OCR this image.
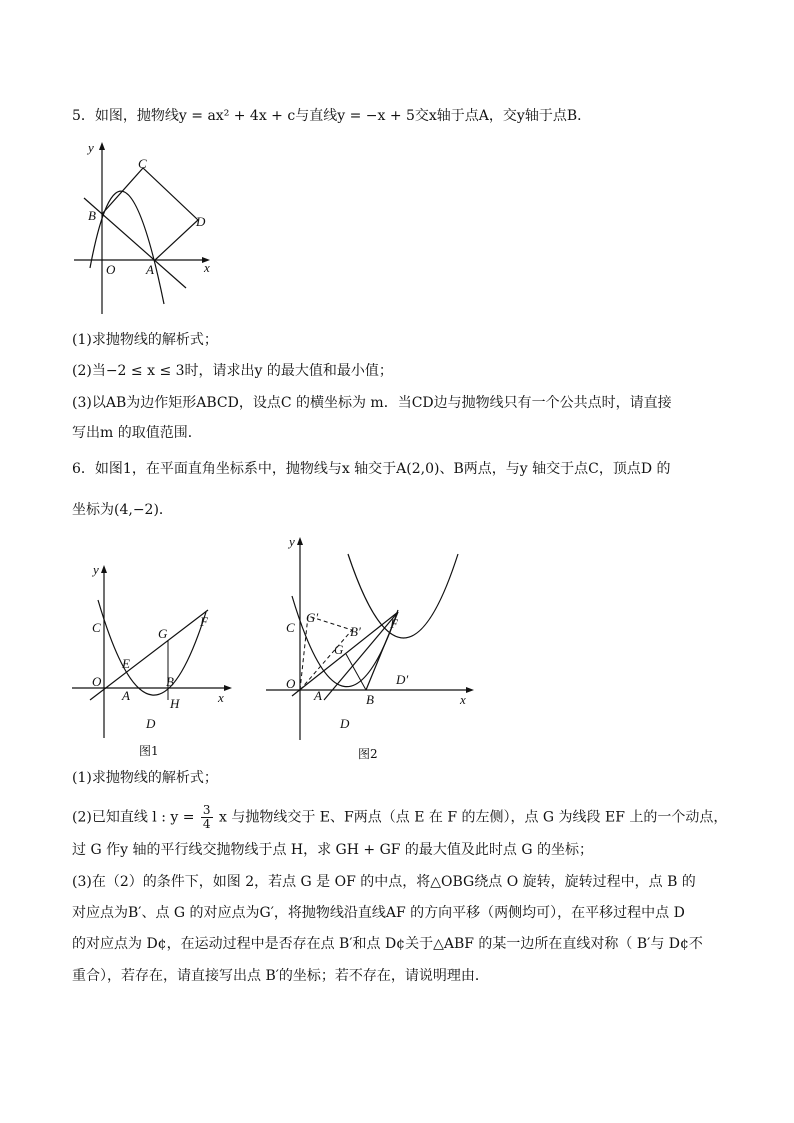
5．如图，抛物线y = ax² + 4x + c与直线y = −x + 5交x轴于点A，交y轴于点B．
y
x
C
B	D
O A
(1)求抛物线的解析式；
(2)当−2 ≤ x ≤ 3时，请求出y 的最大值和最小值；
(3)以AB为边作矩形ABCD，设点C 的横坐标为 m．当CD边与抛物线只有一个公共点时，请直接
写出m 的取值范围．
6．如图1，在平面直角坐标系中，抛物线与x 轴交于A(2,0)、B两点，与y 轴交于点C，顶点D 的
坐标为(4,−2)．
y
x
C	G
F
E
O
A
B
D
H
图1
y
x
G′
C	B′
F
G
O
A	B
D′
D
图2
(1)求抛物线的解析式；
(2)已知直线 l : $y = \frac{3}{4}$ x 与抛物线交于 E、F两点（点 E 在 F 的左侧），点 G 为线段 EF 上的一个动点，
过 G 作y 轴的平行线交抛物线于点 H，求 GH + GF 的最大值及此时点 G 的坐标；
(3)在（2）的条件下，如图 2，若点 G 是 OF 的中点，将△OBG绕点 O 旋转，旋转过程中，点 B 的
对应点为B′、点 G 的对应点为G′，将抛物线沿直线AF 的方向平移（两侧均可），在平移过程中点 D
的对应点为 D¢，在运动过程中是否存在点 B′和点 D¢关于△ABF 的某一边所在直线对称（ B′与 D¢不
重合），若存在，请直接写出点 B′的坐标；若不存在，请说明理由．
